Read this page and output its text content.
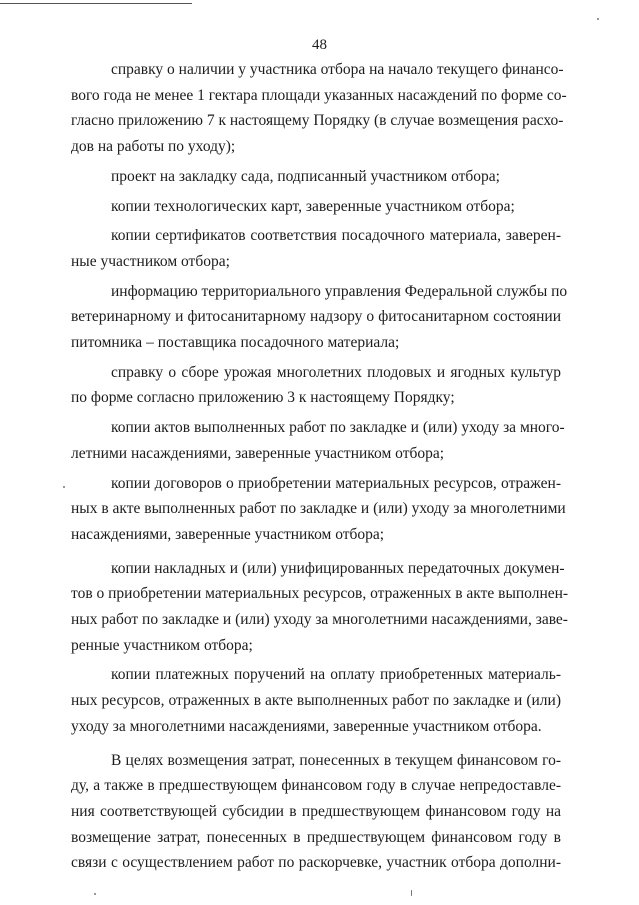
48
справку о наличии у участника отбора на начало текущего финансо-
вого года не менее 1 гектара площади указанных насаждений по форме со-
гласно приложению 7 к настоящему Порядку (в случае возмещения расхо-
дов на работы по уходу);
проект на закладку сада, подписанный участником отбора;
копии технологических карт, заверенные участником отбора;
копии сертификатов соответствия посадочного материала, заверен-
ные участником отбора;
информацию территориального управления Федеральной службы по
ветеринарному и фитосанитарному надзору о фитосанитарном состоянии
питомника – поставщика посадочного материала;
справку о сборе урожая многолетних плодовых и ягодных культур
по форме согласно приложению 3 к настоящему Порядку;
копии актов выполненных работ по закладке и (или) уходу за много-
летними насаждениями, заверенные участником отбора;
копии договоров о приобретении материальных ресурсов, отражен-
ных в акте выполненных работ по закладке и (или) уходу за многолетними
насаждениями, заверенные участником отбора;
копии накладных и (или) унифицированных передаточных докумен-
тов о приобретении материальных ресурсов, отраженных в акте выполнен-
ных работ по закладке и (или) уходу за многолетними насаждениями, заве-
ренные участником отбора;
копии платежных поручений на оплату приобретенных материаль-
ных ресурсов, отраженных в акте выполненных работ по закладке и (или)
уходу за многолетними насаждениями, заверенные участником отбора.
В целях возмещения затрат, понесенных в текущем финансовом го-
ду, а также в предшествующем финансовом году в случае непредоставле-
ния соответствующей субсидии в предшествующем финансовом году на
возмещение затрат, понесенных в предшествующем финансовом году в
связи с осуществлением работ по раскорчевке, участник отбора дополни-
